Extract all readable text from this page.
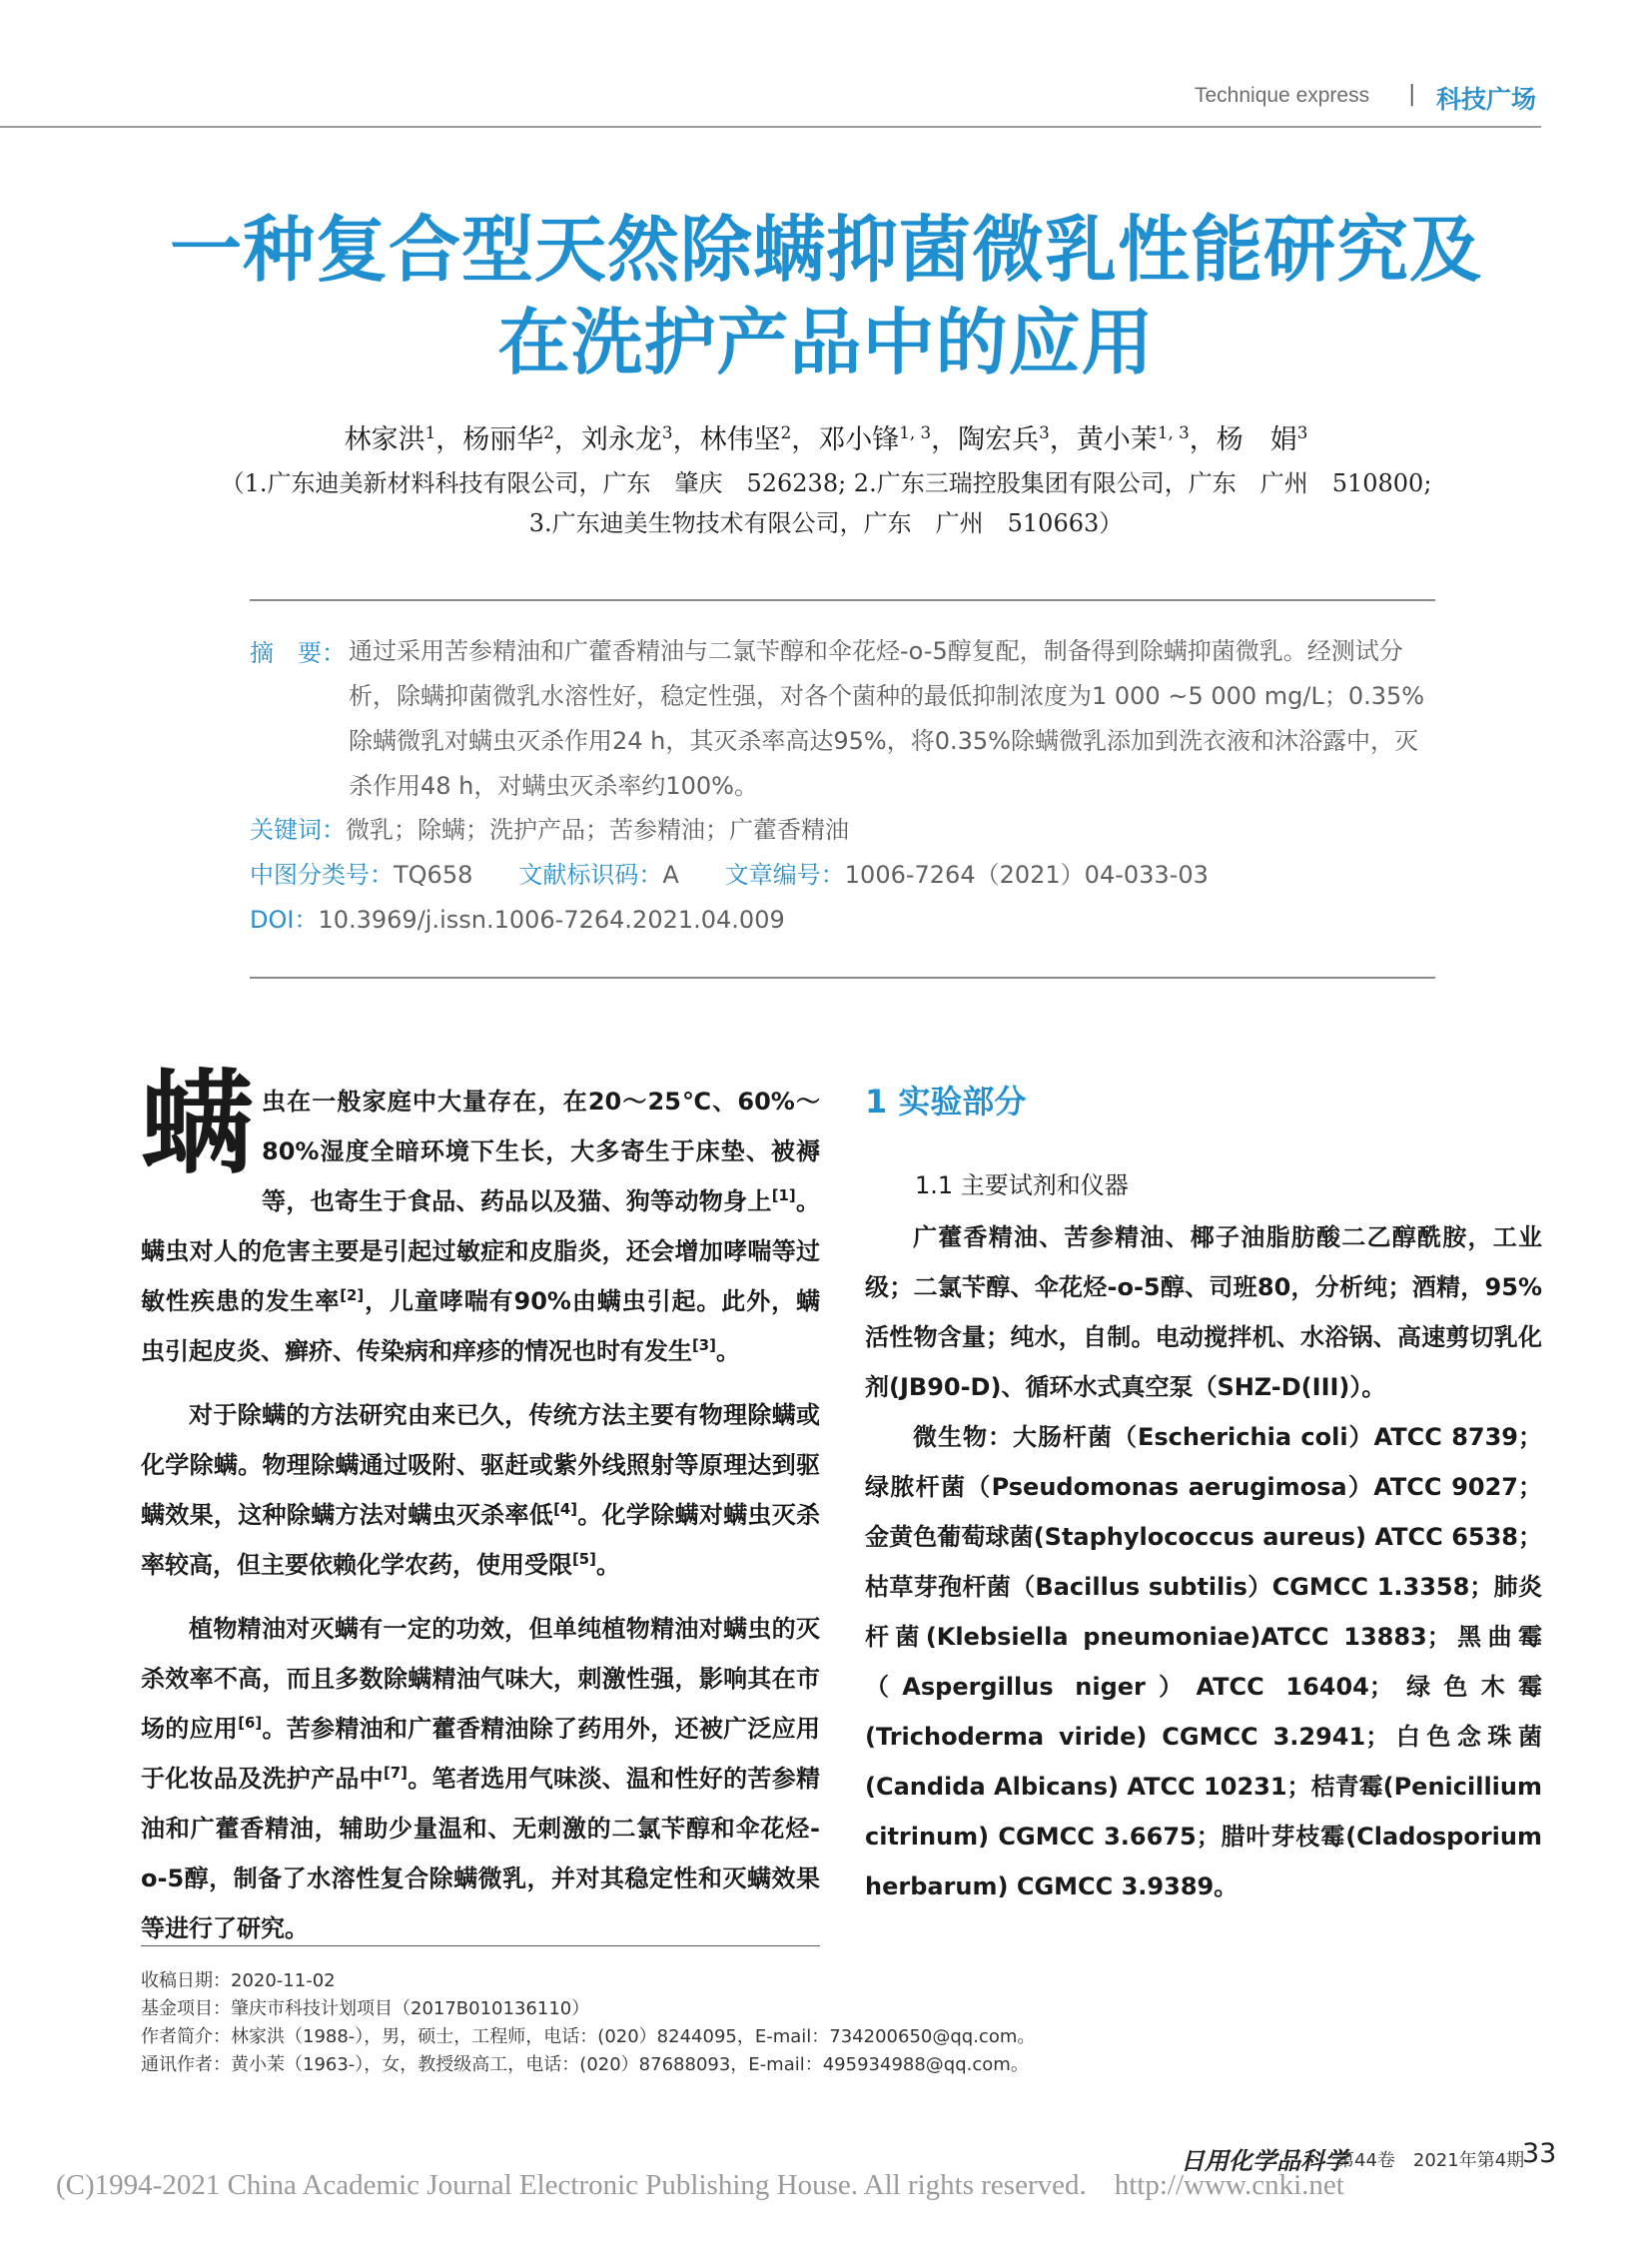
Technique express | 科技广场
一种复合型天然除螨抑菌微乳性能研究及
在洗护产品中的应用
林家洪$^1$，杨丽华$^2$，刘永龙$^3$，林伟坚$^2$，邓小锋$^{1, 3}$，陶宏兵$^3$，黄小茉$^{1, 3}$，杨　娟$^3$
（1.广东迪美新材料科技有限公司，广东　肇庆　526238; 2.广东三瑞控股集团有限公司，广东　广州　510800;
3.广东迪美生物技术有限公司，广东　广州　510663）
摘　要： 通过采用苦参精油和广藿香精油与二氯苄醇和伞花烃-o-5醇复配，制备得到除螨抑菌微乳。经测试分析，除螨抑菌微乳水溶性好，稳定性强，对各个菌种的最低抑制浓度为1 000 ~5 000 mg/L；0.35%除螨微乳对螨虫灭杀作用24 h，其灭杀率高达95%，将0.35%除螨微乳添加到洗衣液和沐浴露中，灭杀作用48 h，对螨虫灭杀率约100%。
关键词：微乳；除螨；洗护产品；苦参精油；广藿香精油
中图分类号：TQ658 文献标识码：A 文章编号：1006-7264（2021）04-033-03
DOI：10.3969/j.issn.1006-7264.2021.04.009

螨虫在一般家庭中大量存在，在20～25℃、60%～80%湿度全暗环境下生长，大多寄生于床垫、被褥等，也寄生于食品、药品以及猫、狗等动物身上[1]。螨虫对人的危害主要是引起过敏症和皮脂炎，还会增加哮喘等过敏性疾患的发生率[2]，儿童哮喘有90%由螨虫引起。此外，螨虫引起皮炎、癣疥、传染病和痒疹的情况也时有发生[3]。

对于除螨的方法研究由来已久，传统方法主要有物理除螨或化学除螨。物理除螨通过吸附、驱赶或紫外线照射等原理达到驱螨效果，这种除螨方法对螨虫灭杀率低[4]。化学除螨对螨虫灭杀率较高，但主要依赖化学农药，使用受限[5]。

植物精油对灭螨有一定的功效，但单纯植物精油对螨虫的灭杀效率不高，而且多数除螨精油气味大，刺激性强，影响其在市场的应用[6]。苦参精油和广藿香精油除了药用外，还被广泛应用于化妆品及洗护产品中[7]。笔者选用气味淡、温和性好的苦参精油和广藿香精油，辅助少量温和、无刺激的二氯苄醇和伞花烃-o-5醇，制备了水溶性复合除螨微乳，并对其稳定性和灭螨效果等进行了研究。

1 实验部分

1.1 主要试剂和仪器

广藿香精油、苦参精油、椰子油脂肪酸二乙醇酰胺，工业级；二氯苄醇、伞花烃-o-5醇、司班80，分析纯；酒精，95%活性物含量；纯水，自制。电动搅拌机、水浴锅、高速剪切乳化剂(JB90-D)、循环水式真空泵（SHZ-D(III)）。

微生物：大肠杆菌（Escherichia coli）ATCC 8739；绿脓杆菌（Pseudomonas aerugimosa）ATCC 9027；金黄色葡萄球菌(Staphylococcus aureus) ATCC 6538；枯草芽孢杆菌（Bacillus subtilis）CGMCC 1.3358；肺炎杆菌(Klebsiella pneumoniae)ATCC 13883；黑曲霉（Aspergillus niger）ATCC 16404；绿色木霉(Trichoderma viride) CGMCC 3.2941；白色念珠菌(Candida Albicans) ATCC 10231；桔青霉(Penicillium citrinum) CGMCC 3.6675；腊叶芽枝霉(Cladosporium herbarum) CGMCC 3.9389。

收稿日期：2020-11-02
基金项目：肇庆市科技计划项目（2017B010136110）
作者简介：林家洪（1988-），男，硕士，工程师，电话：(020）8244095，E-mail：734200650@qq.com。
通讯作者：黄小茉（1963-），女，教授级高工，电话：(020）87688093，E-mail：495934988@qq.com。
日用化学品科学
第44卷　2021年第4期
33
(C)1994-2021 China Academic Journal Electronic Publishing House. All rights reserved. http://www.cnki.net
